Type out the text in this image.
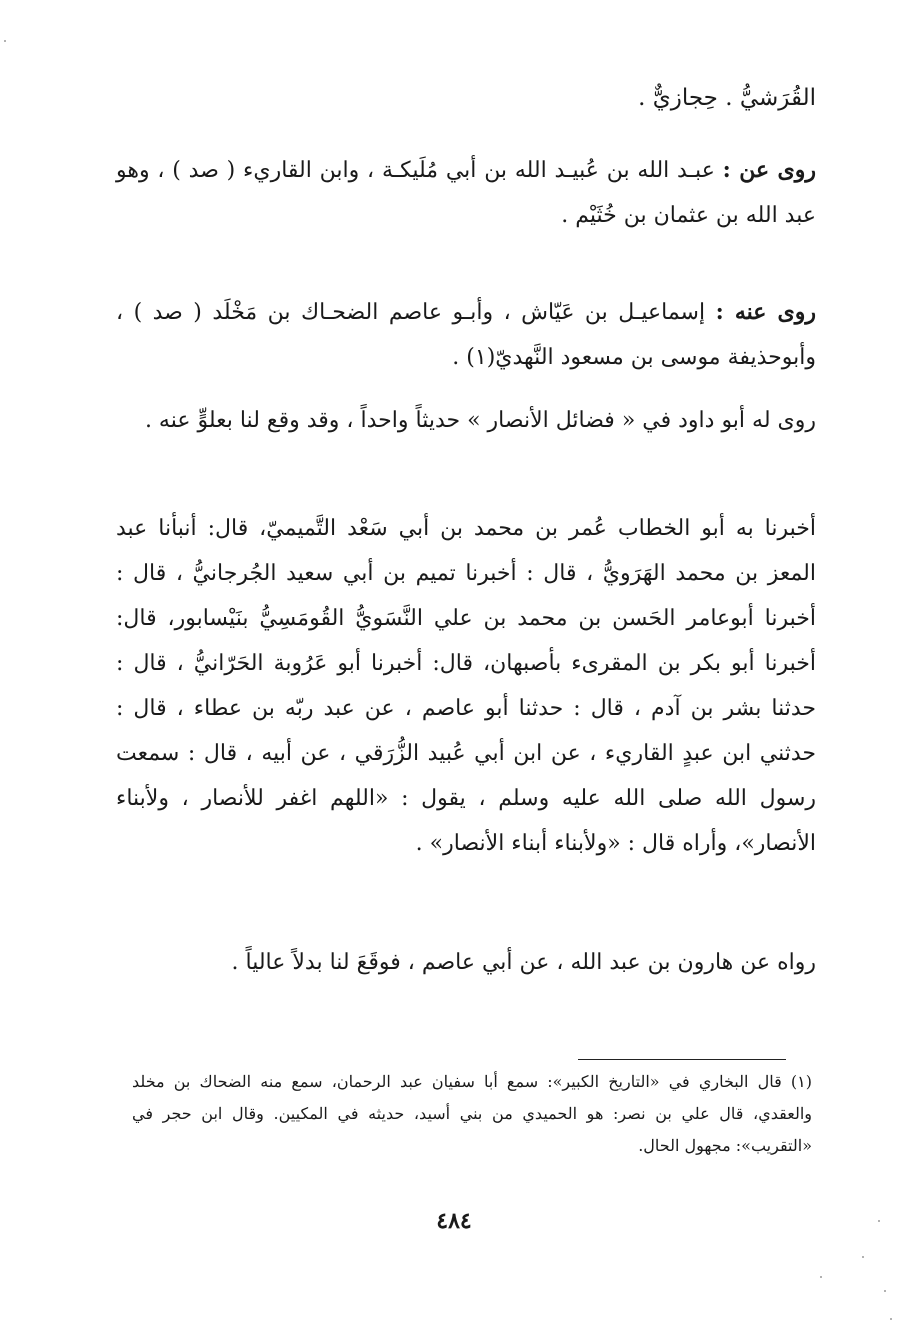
القُرَشيُّ . حِجازيٌّ .
روى عن : عبـد الله بن عُبيـد الله بن أبي مُلَيكـة ، وابن القاريء ( صد ) ، وهو عبد الله بن عثمان بن خُثَيْم .
روى عنه : إسماعيـل بن عَيّاش ، وأبـو عاصم الضحـاك بن مَخْلَد ( صد ) ، وأبوحذيفة موسى بن مسعود النَّهديّ(١) .
روى له أبو داود في « فضائل الأنصار » حديثاً واحداً ، وقد وقع لنا بعلوٍّ عنه .
أخبرنا به أبو الخطاب عُمر بن محمد بن أبي سَعْد التَّميميّ، قال: أنبأنا عبد المعز بن محمد الهَرَويُّ ، قال : أخبرنا تميم بن أبي سعيد الجُرجانيُّ ، قال : أخبرنا أبوعامر الحَسن بن محمد بن علي النَّسَويُّ القُومَسِيُّ بنَيْسابور، قال: أخبرنا أبو بكر بن المقرىء بأصبهان، قال: أخبرنا أبو عَرُوبة الحَرّانيُّ ، قال : حدثنا بشر بن آدم ، قال : حدثنا أبو عاصم ، عن عبد ربّه بن عطاء ، قال : حدثني ابن عبدٍ القاريء ، عن ابن أبي عُبيد الزُّرَقي ، عن أبيه ، قال : سمعت رسول الله صلى الله عليه وسلم ، يقول : «اللهم اغفر للأنصار ، ولأبناء الأنصار»، وأراه قال : «ولأبناء أبناء الأنصار» .
رواه عن هارون بن عبد الله ، عن أبي عاصم ، فوقَعَ لنا بدلاً عالياً .
(١) قال البخاري في «التاريخ الكبير»: سمع أبا سفيان عبد الرحمان، سمع منه الضحاك بن مخلد والعقدي، قال علي بن نصر: هو الحميدي من بني أسيد، حديثه في المكيين. وقال ابن حجر في «التقريب»: مجهول الحال.
٤٨٤
